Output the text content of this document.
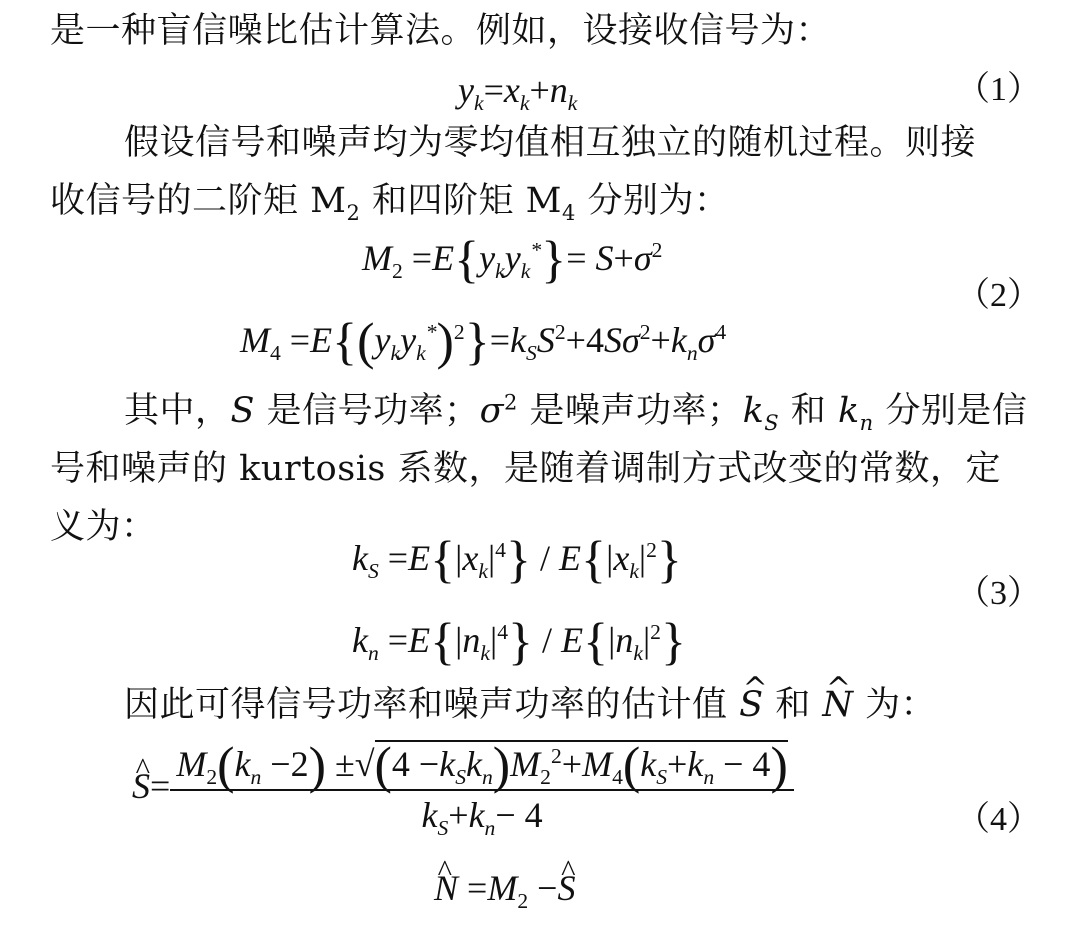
是一种盲信噪比估计算法。例如，设接收信号为：
$y_k=x_k+n_k$	（1）
假设信号和噪声均为零均值相互独立的随机过程。则接
收信号的二阶矩 $M_2$ 和四阶矩 $M_4$ 分别为：
$M_2 =E\{y_ky_k^*\}= S+\sigma^2$
$M_4 =E\{(y_ky_k^*)^2\}=k_SS^2+4S\sigma^2+k_n\sigma^4$
（2）
其中，S 是信号功率；$\sigma^2$ 是噪声功率；$k_S$ 和 $k_n$ 分别是信
号和噪声的 kurtosis 系数，是随着调制方式改变的常数，定
义为：
$k_S =E\{|x_k|^4\} / E\{|x_k|^2\}$
$k_n =E\{|n_k|^4\} / E\{|n_k|^2\}$
（3）
因此可得信号功率和噪声功率的估计值 ^ S 和 ^ N 为：
^ $S= \frac{M_2(k_n -2) \pm√(4 -k_Sk_n)M_2^2+M_4(k_S+k_n - 4)}{k_S+k_n- 4}$
^ $N =M_2$ −^ S
（4）
